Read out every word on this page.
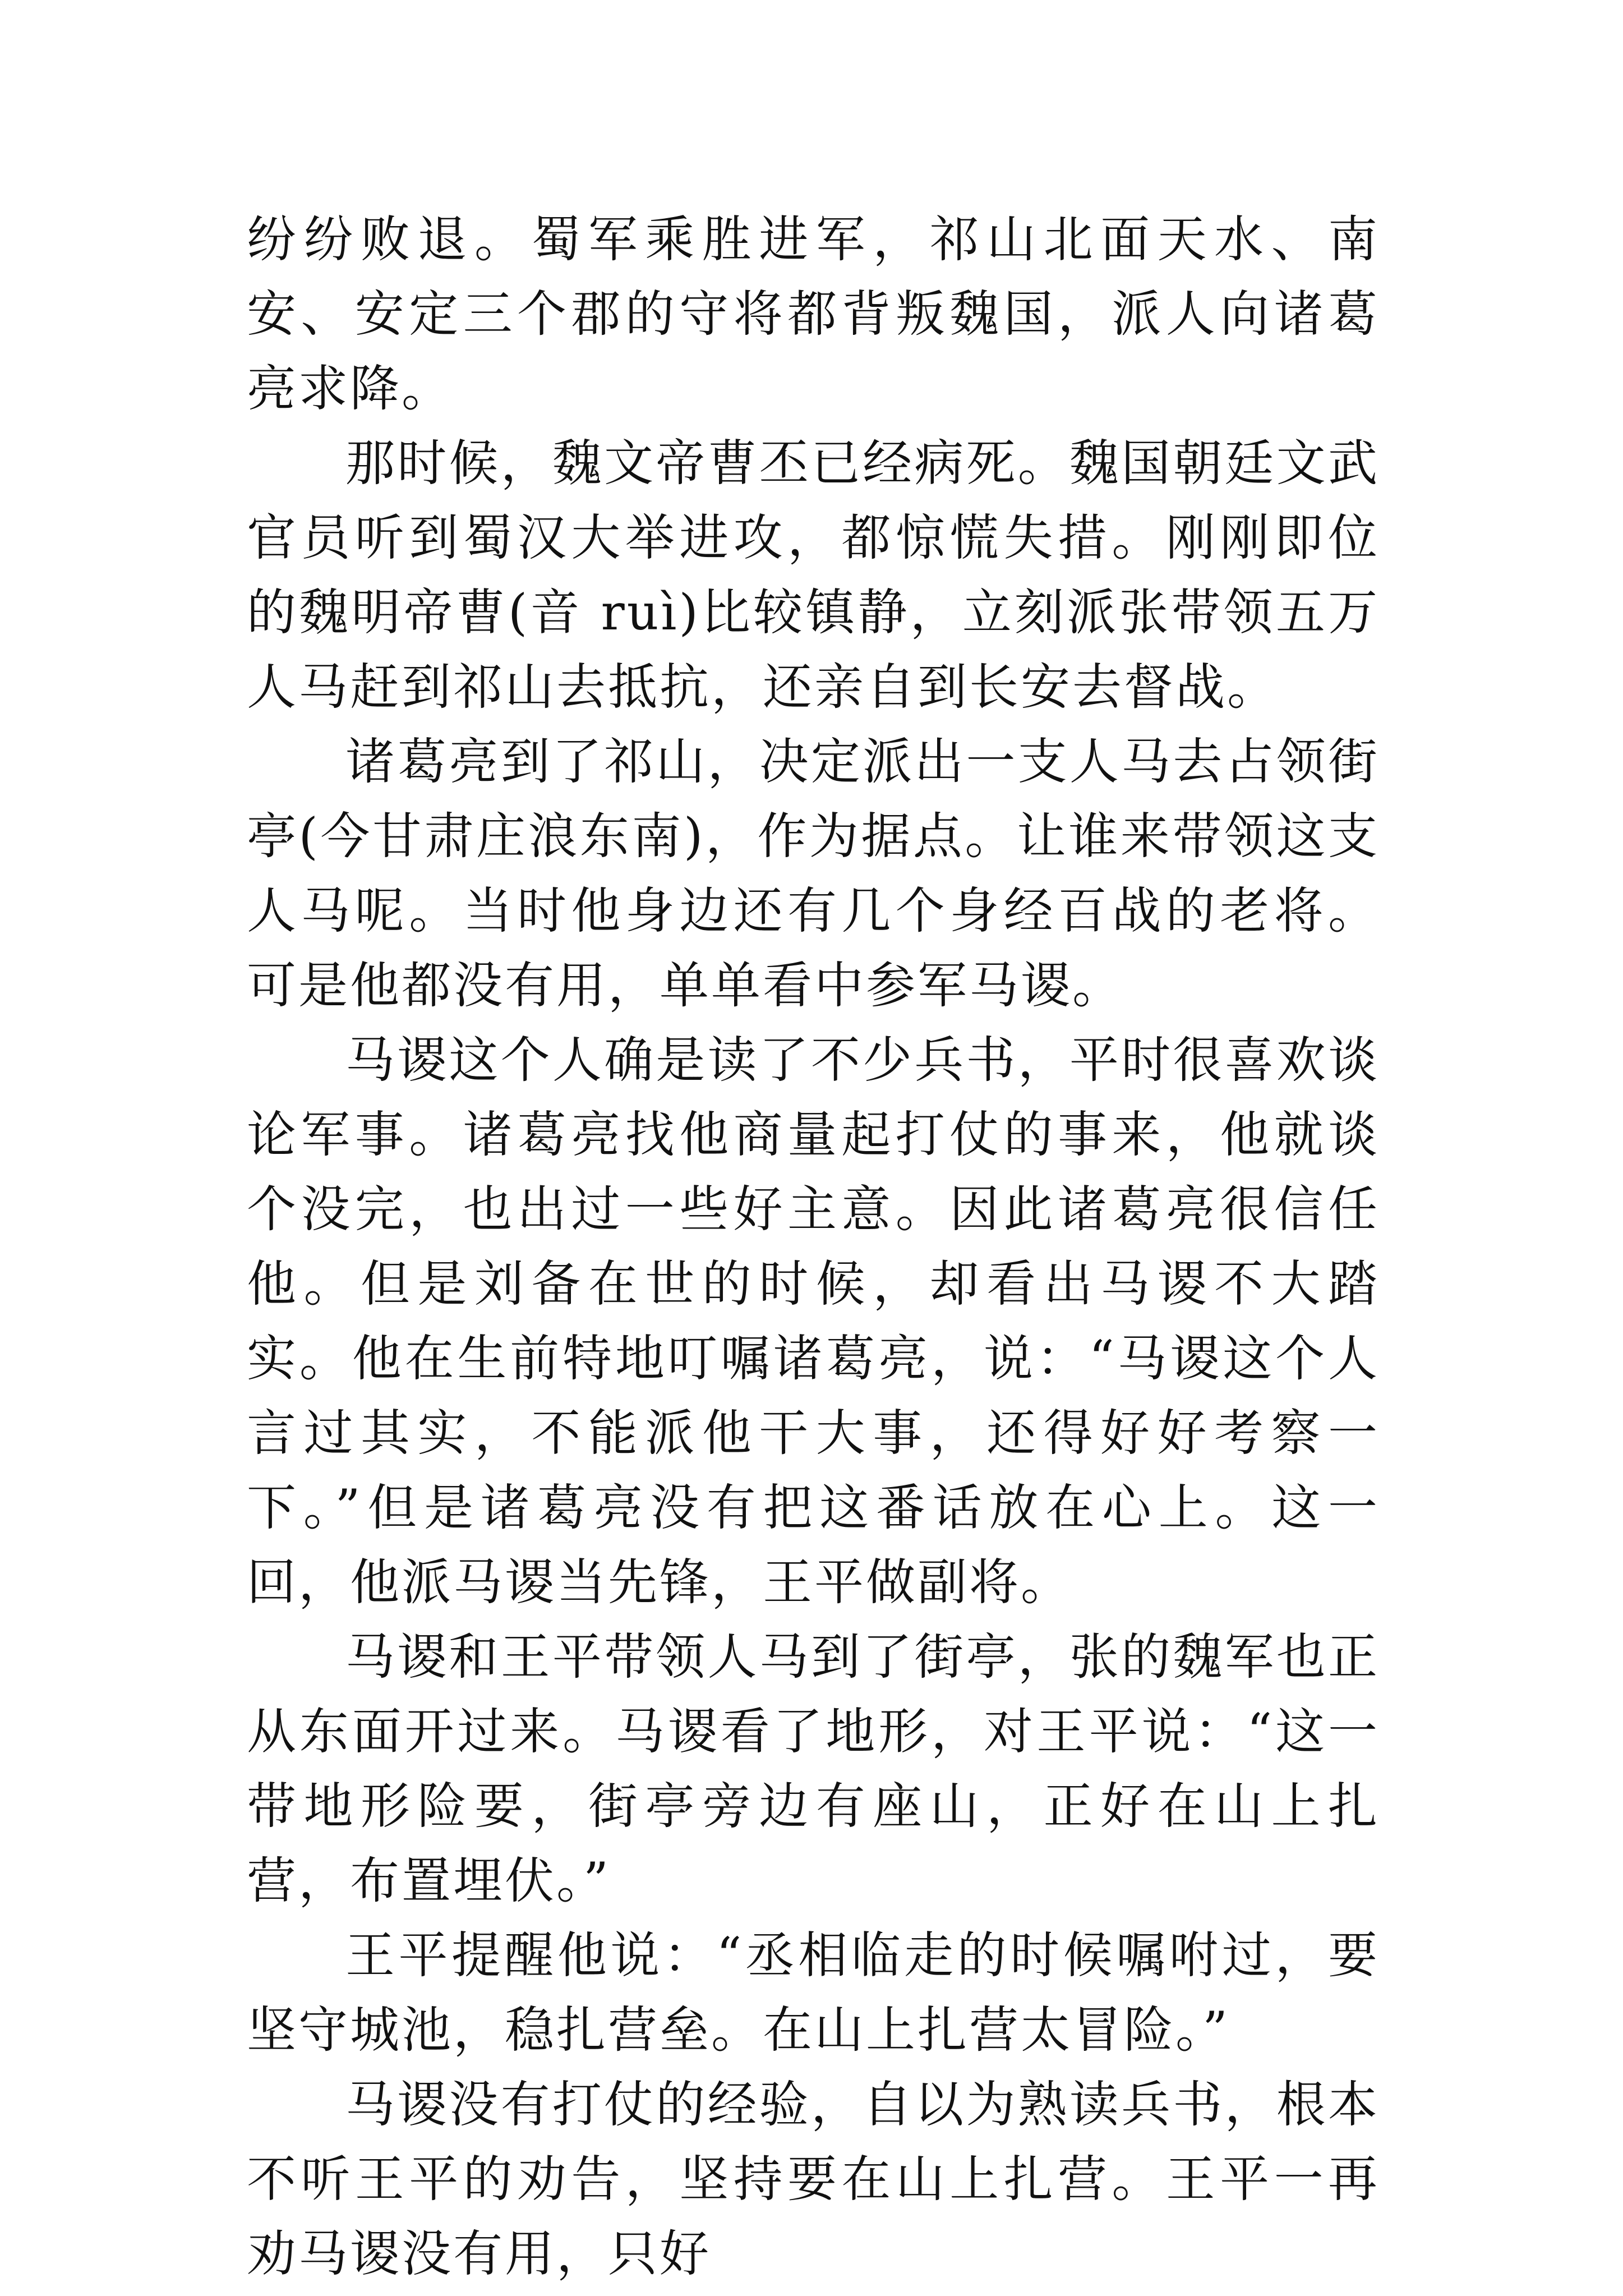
纷纷败退。蜀军乘胜进军，祁山北面天水、南安、安定三个郡的守将都背叛魏国，派人向诸葛亮求降。

那时候，魏文帝曹丕已经病死。魏国朝廷文武官员听到蜀汉大举进攻，都惊慌失措。刚刚即位的魏明帝曹(音 ruì)比较镇静，立刻派张带领五万人马赶到祁山去抵抗，还亲自到长安去督战。

诸葛亮到了祁山，决定派出一支人马去占领街亭(今甘肃庄浪东南)，作为据点。让谁来带领这支人马呢。当时他身边还有几个身经百战的老将。可是他都没有用，单单看中参军马谡。

马谡这个人确是读了不少兵书，平时很喜欢谈论军事。诸葛亮找他商量起打仗的事来，他就谈个没完，也出过一些好主意。因此诸葛亮很信任他。但是刘备在世的时候，却看出马谡不大踏实。他在生前特地叮嘱诸葛亮，说：“马谡这个人言过其实，不能派他干大事，还得好好考察一下。”但是诸葛亮没有把这番话放在心上。这一回，他派马谡当先锋，王平做副将。

马谡和王平带领人马到了街亭，张的魏军也正从东面开过来。马谡看了地形，对王平说：“这一带地形险要，街亭旁边有座山，正好在山上扎营，布置埋伏。”

王平提醒他说：“丞相临走的时候嘱咐过，要坚守城池，稳扎营垒。在山上扎营太冒险。”

马谡没有打仗的经验，自以为熟读兵书，根本不听王平的劝告，坚持要在山上扎营。王平一再劝马谡没有用，只好
